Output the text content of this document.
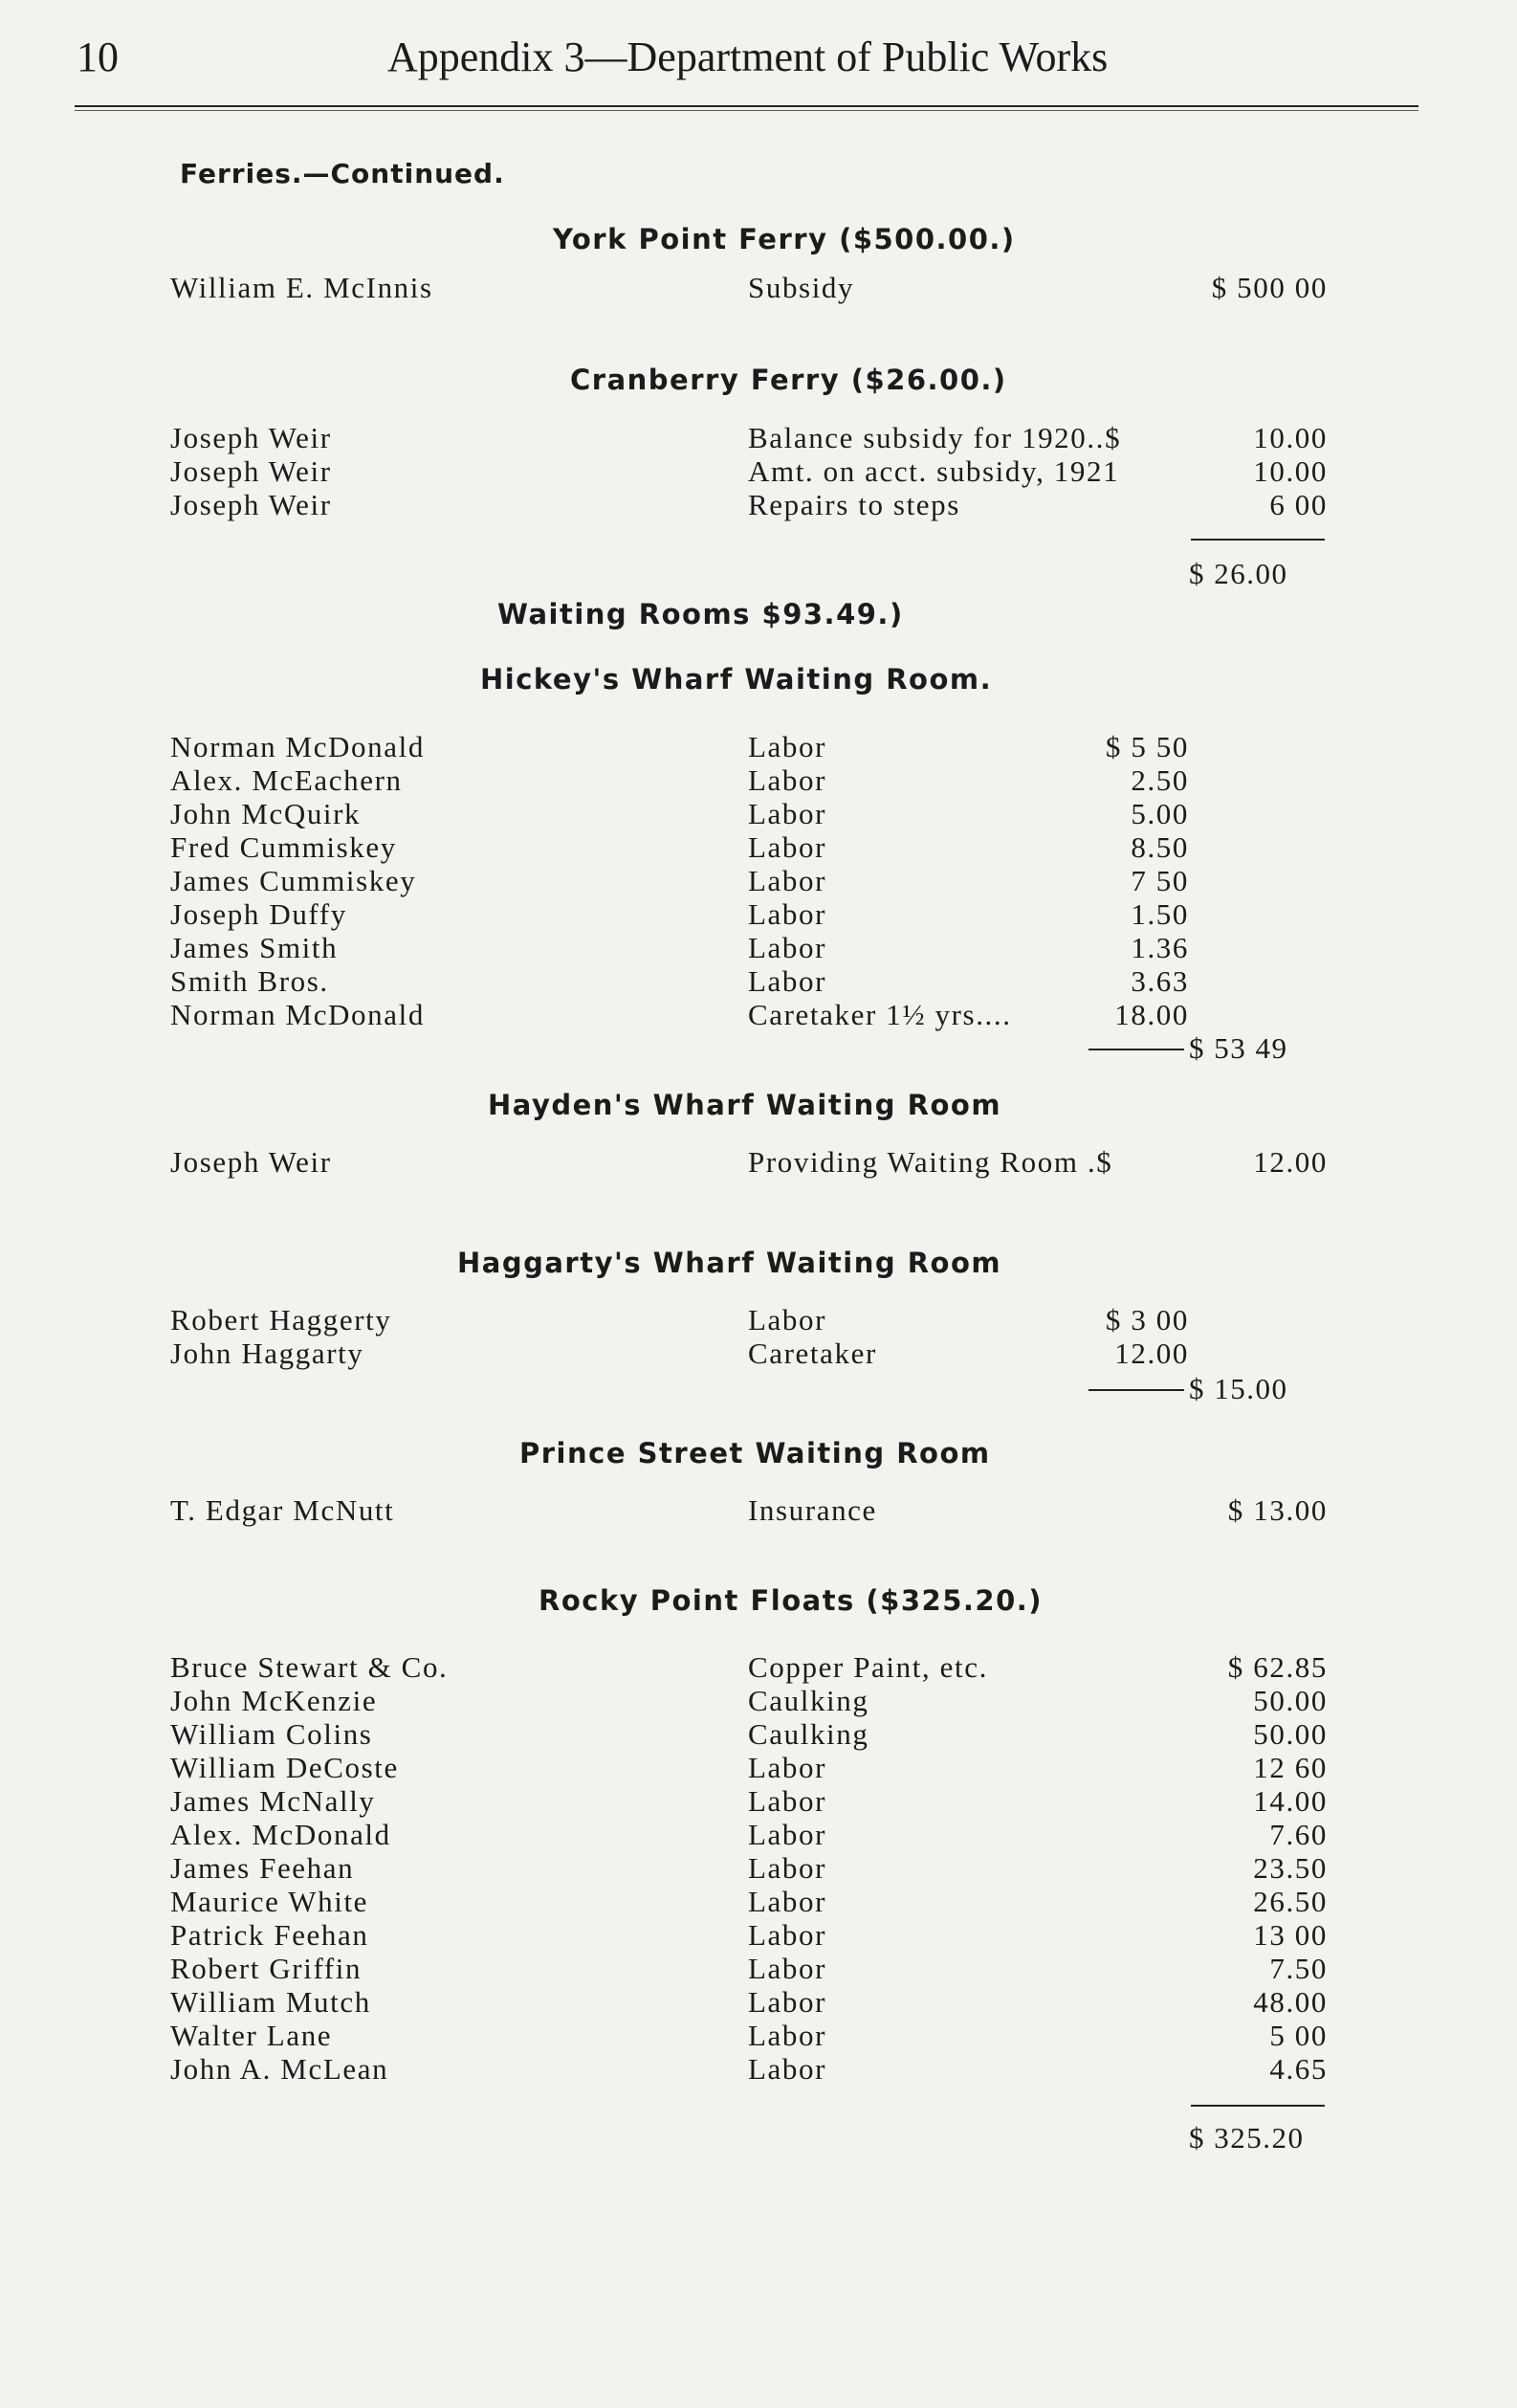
10	Appendix 3—Department of Public Works
Ferries.—Continued.
York Point Ferry ($500.00.)
William E. McInnis	Subsidy	$ 500 00
Cranberry Ferry ($26.00.)
Joseph Weir	Balance subsidy for 1920..$	10.00
Joseph Weir	Amt. on acct. subsidy, 1921	10.00
Joseph Weir	Repairs to steps	6 00
$ 26.00
Waiting Rooms $93.49.)
Hickey's Wharf Waiting Room.
Norman McDonald	Labor	$ 5 50
Alex. McEachern	Labor	2.50
John McQuirk	Labor	5.00
Fred Cummiskey	Labor	8.50
James Cummiskey	Labor	7 50
Joseph Duffy	Labor	1.50
James Smith	Labor	1.36
Smith Bros.	Labor	3.63
Norman McDonald	Caretaker 1½ yrs....	18.00
$ 53 49
Hayden's Wharf Waiting Room
Joseph Weir	Providing Waiting Room .$	12.00
Haggarty's Wharf Waiting Room
Robert Haggerty	Labor	$ 3 00
John Haggarty	Caretaker	12.00
$ 15.00
Prince Street Waiting Room
T. Edgar McNutt	Insurance	$ 13.00
Rocky Point Floats ($325.20.)
Bruce Stewart & Co.	Copper Paint, etc.	$ 62.85
John McKenzie	Caulking	50.00
William Colins	Caulking	50.00
William DeCoste	Labor	12 60
James McNally	Labor	14.00
Alex. McDonald	Labor	7.60
James Feehan	Labor	23.50
Maurice White	Labor	26.50
Patrick Feehan	Labor	13 00
Robert Griffin	Labor	7.50
William Mutch	Labor	48.00
Walter Lane	Labor	5 00
John A. McLean	Labor	4.65
$ 325.20
